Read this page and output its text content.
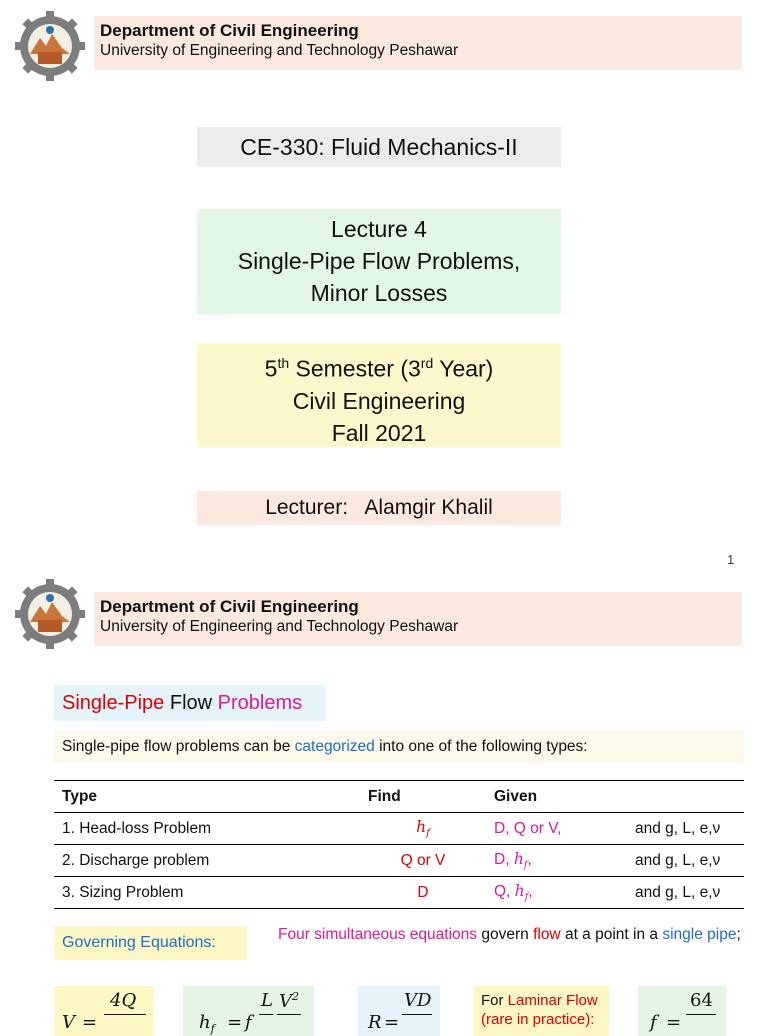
Department of Civil Engineering
University of Engineering and Technology Peshawar
CE-330: Fluid Mechanics-II
Lecture 4
Single-Pipe Flow Problems,
Minor Losses
5th Semester (3rd Year)
Civil Engineering
Fall 2021
Lecturer:   Alamgir Khalil
1
Department of Civil Engineering
University of Engineering and Technology Peshawar
Single-Pipe Flow Problems
Single-pipe flow problems can be categorized into one of the following types:
Type	Find	Given	
1. Head-loss Problem	$h_f$	D, Q or V,	and g, L, e,ν
2. Discharge problem	Q or V	D, $h_f$,	and g, L, e,ν
3. Sizing Problem	D	Q, $h_f$,	and g, L, e,ν
Governing Equations:	Four simultaneous equations govern flow at a point in a single pipe;
V =
4Q
$h_f = f$
L $V^2$
R =
VD	For Laminar Flow
(rare in practice):	f =
64
